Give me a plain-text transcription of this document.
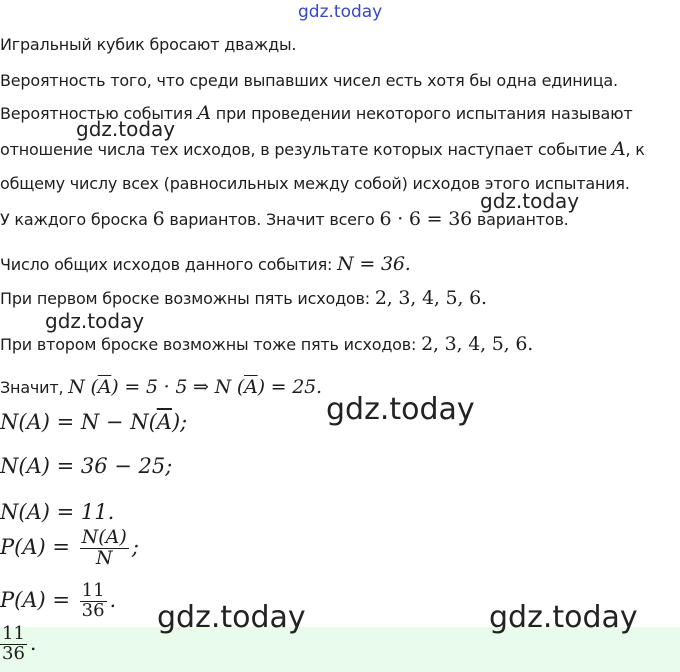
gdz.today
gdz.today
gdz.today
gdz.today
gdz.today
gdz.today	gdz.today
Игральный кубик бросают дважды.
Вероятность того, что среди выпавших чисел есть хотя бы одна единица.
Вероятностью события A при проведении некоторого испытания называют
отношение числа тех исходов, в результате которых наступает событие A, к
общему числу всех (равносильных между собой) исходов этого испытания.
У каждого броска 6 вариантов. Значит всего 6 · 6 = 36 вариантов.
Число общих исходов данного события: N = 36.
При первом броске возможны пять исходов: 2, 3, 4, 5, 6.
При втором броске возможны тоже пять исходов: 2, 3, 4, 5, 6.
Значит, N $(\overline{A}) = 5 \cdot 5$ ⇒ N $(\overline{A}) = 25$.
$N(A) = N - N(\overline{A})$;
N(A) = 36 − 25;
N(A) = 11.
$P(A) = \frac{N(A)}{N}$ ;
$P(A) = \frac{11}{36}$ .
$\frac{11}{36}$ .
